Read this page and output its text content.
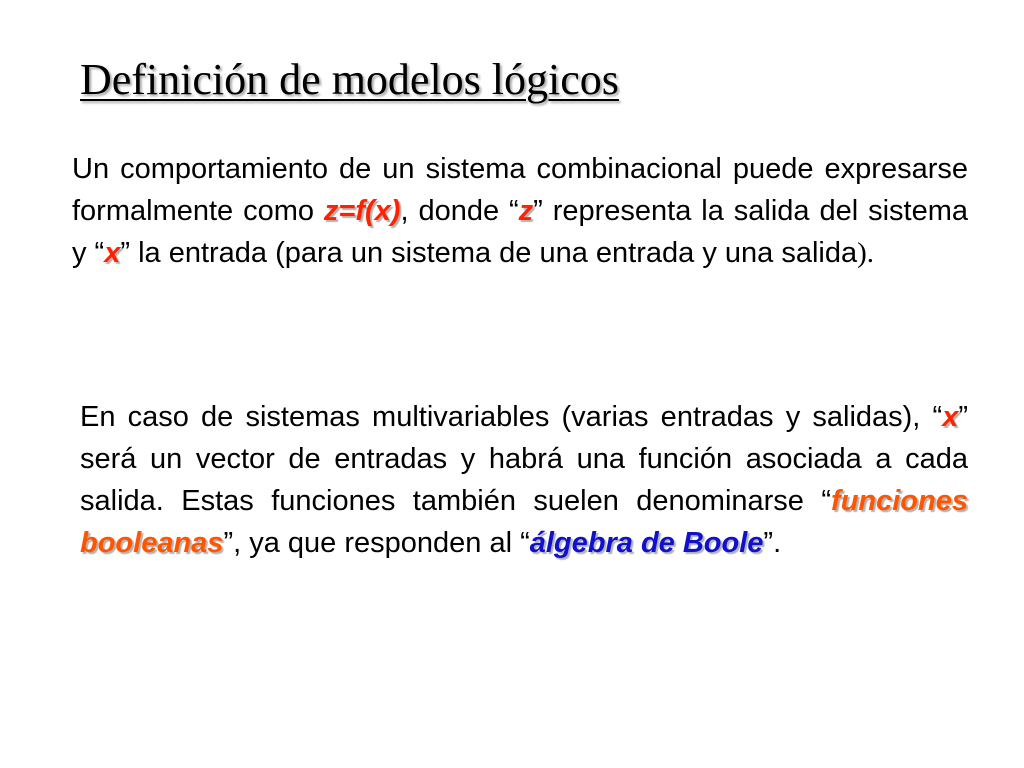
Definición de modelos lógicos

Un comportamiento de un sistema combinacional puede expresarse formalmente como z=f(x), donde “z” representa la salida del sistema y “x” la entrada (para un sistema de una entrada y una salida).

En caso de sistemas multivariables (varias entradas y salidas), “x” será un vector de entradas y habrá una función asociada a cada salida. Estas funciones también suelen denominarse “funciones booleanas”, ya que responden al “álgebra de Boole”.
